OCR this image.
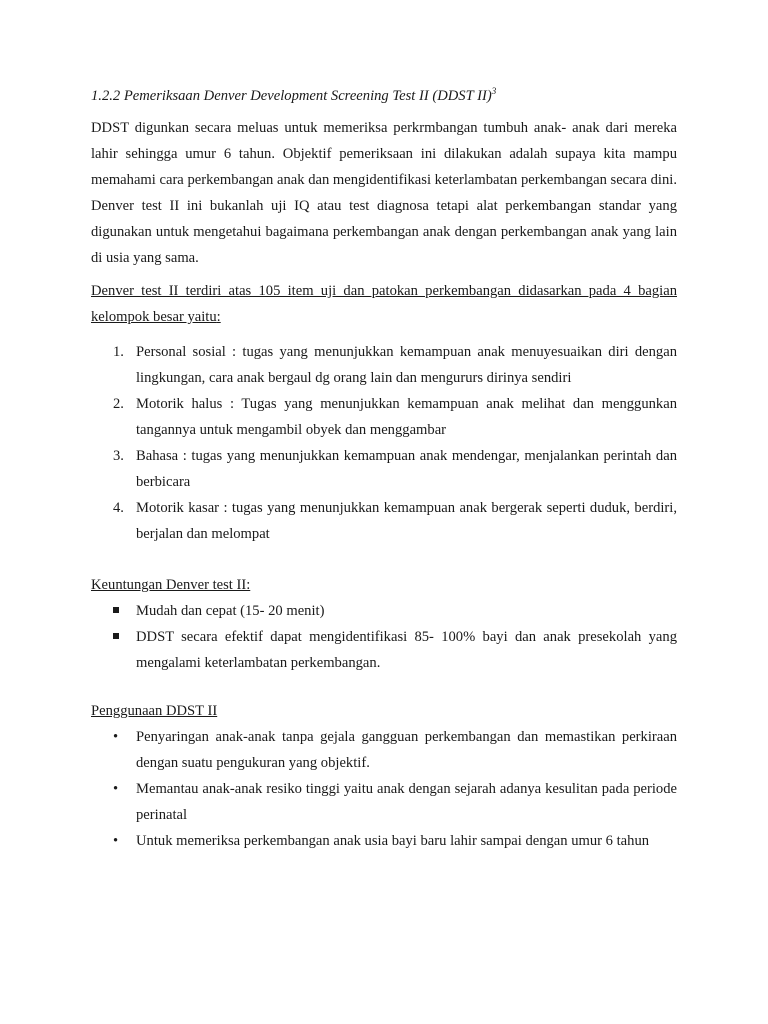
1.2.2 Pemeriksaan Denver Development Screening Test II (DDST II)$^3$

DDST digunkan secara meluas untuk memeriksa perkrmbangan tumbuh anak- anak dari mereka lahir sehingga umur 6 tahun. Objektif pemeriksaan ini dilakukan adalah supaya kita mampu memahami cara perkembangan anak dan mengidentifikasi keterlambatan perkembangan secara dini. Denver test II ini bukanlah uji IQ atau test diagnosa tetapi alat perkembangan standar yang digunakan untuk mengetahui bagaimana perkembangan anak dengan perkembangan anak yang lain di usia yang sama.

Denver test II terdiri atas 105 item uji dan patokan perkembangan didasarkan pada 4 bagian kelompok besar yaitu:

1. Personal sosial : tugas yang menunjukkan kemampuan anak menuyesuaikan diri dengan lingkungan, cara anak bergaul dg orang lain dan mengururs dirinya sendiri
2. Motorik halus : Tugas yang menunjukkan kemampuan anak melihat dan menggunkan tangannya untuk mengambil obyek dan menggambar
3. Bahasa : tugas yang menunjukkan kemampuan anak mendengar, menjalankan perintah dan berbicara
4. Motorik kasar : tugas yang menunjukkan kemampuan anak bergerak seperti duduk, berdiri, berjalan dan melompat

Keuntungan Denver test II:

Mudah dan cepat (15- 20 menit)
DDST secara efektif dapat mengidentifikasi 85- 100% bayi dan anak presekolah yang mengalami keterlambatan perkembangan.

Penggunaan DDST II

• Penyaringan anak-anak tanpa gejala gangguan perkembangan dan memastikan perkiraan dengan suatu pengukuran yang objektif.
• Memantau anak-anak resiko tinggi yaitu anak dengan sejarah adanya kesulitan pada periode perinatal
• Untuk memeriksa perkembangan anak usia bayi baru lahir sampai dengan umur 6 tahun
